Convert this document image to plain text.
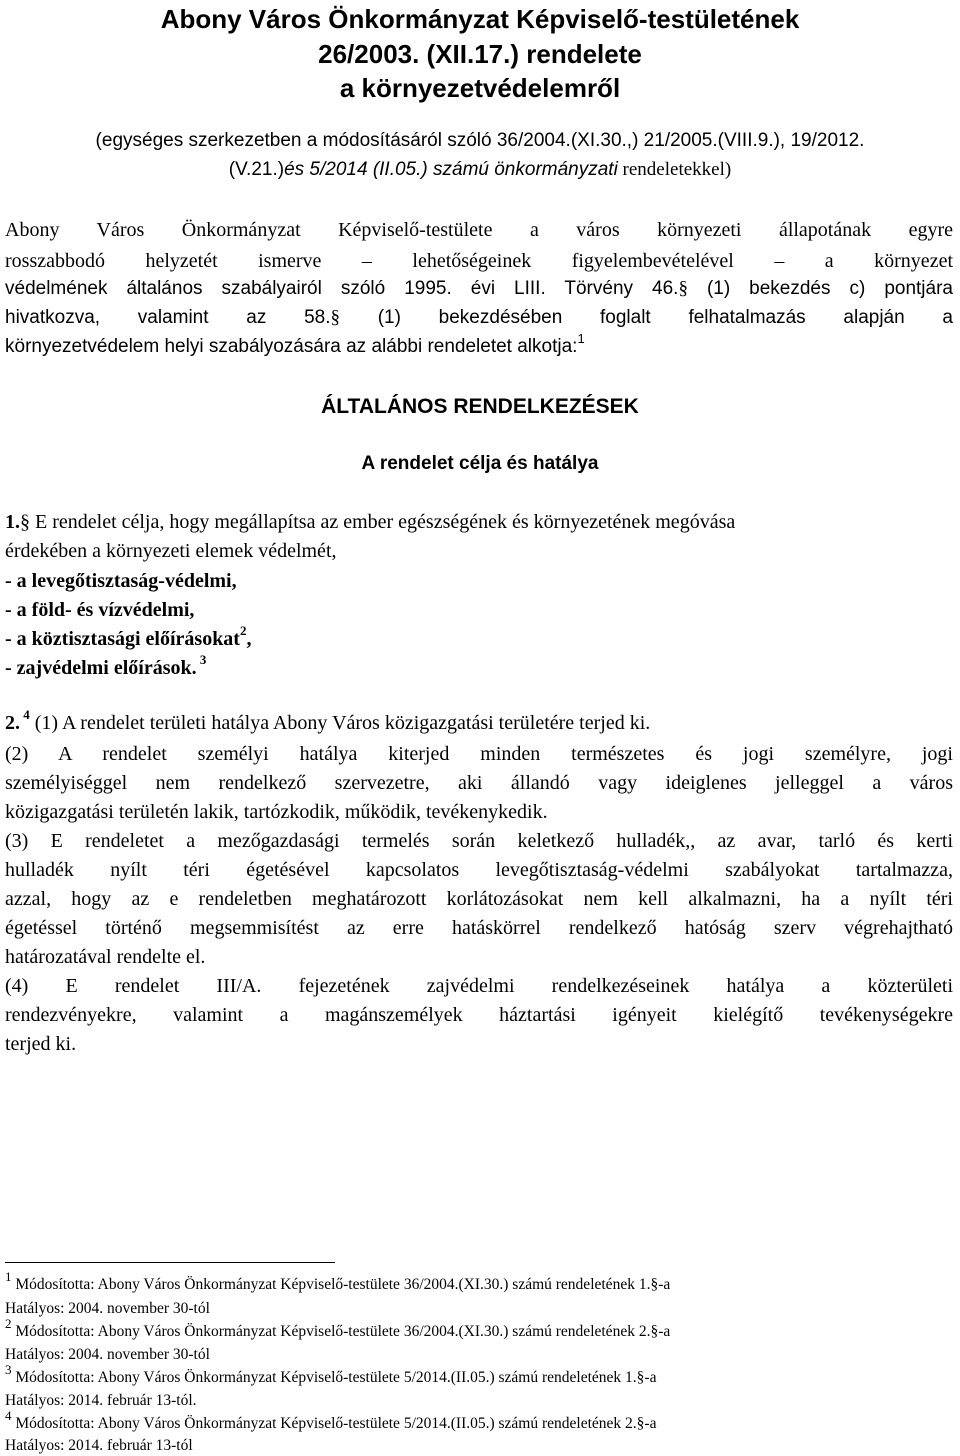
Abony Város Önkormányzat Képviselő-testületének
26/2003. (XII.17.) rendelete
a környezetvédelemről
(egységes szerkezetben a módosításáról szóló 36/2004.(XI.30.,) 21/2005.(VIII.9.), 19/2012.
(V.21.)és 5/2014 (II.05.) számú önkormányzati rendeletekkel)
Abony Város Önkormányzat Képviselő-testülete a város környezeti állapotának egyre
rosszabbodó helyzetét ismerve – lehetőségeinek figyelembevételével – a környezet
védelmének általános szabályairól szóló 1995. évi LIII. Törvény 46.§ (1) bekezdés c) pontjára
hivatkozva, valamint az 58.§ (1) bekezdésében foglalt felhatalmazás alapján a
környezetvédelem helyi szabályozására az alábbi rendeletet alkotja:$^1$
ÁLTALÁNOS RENDELKEZÉSEK
A rendelet célja és hatálya
1.§ E rendelet célja, hogy megállapítsa az ember egészségének és környezetének megóvása
érdekében a környezeti elemek védelmét,
- a levegőtisztaság-védelmi,
- a föld- és vízvédelmi,
- a köztisztasági előírásokat$^2$,
- zajvédelmi előírások. $^3$
2. $^4$ (1) A rendelet területi hatálya Abony Város közigazgatási területére terjed ki.
(2) A rendelet személyi hatálya kiterjed minden természetes és jogi személyre, jogi
személyiséggel nem rendelkező szervezetre, aki állandó vagy ideiglenes jelleggel a város
közigazgatási területén lakik, tartózkodik, működik, tevékenykedik.
(3) E rendeletet a mezőgazdasági termelés során keletkező hulladék,, az avar, tarló és kerti
hulladék nyílt téri égetésével kapcsolatos levegőtisztaság-védelmi szabályokat tartalmazza,
azzal, hogy az e rendeletben meghatározott korlátozásokat nem kell alkalmazni, ha a nyílt téri
égetéssel történő megsemmisítést az erre hatáskörrel rendelkező hatóság szerv végrehajtható
határozatával rendelte el.
(4) E rendelet III/A. fejezetének zajvédelmi rendelkezéseinek hatálya a közterületi
rendezvényekre, valamint a magánszemélyek háztartási igényeit kielégítő tevékenységekre
terjed ki.
$^1$ Módosította: Abony Város Önkormányzat Képviselő-testülete 36/2004.(XI.30.) számú rendeletének 1.§-a
Hatályos: 2004. november 30-tól
$^2$ Módosította: Abony Város Önkormányzat Képviselő-testülete 36/2004.(XI.30.) számú rendeletének 2.§-a
Hatályos: 2004. november 30-tól
$^3$ Módosította: Abony Város Önkormányzat Képviselő-testülete 5/2014.(II.05.) számú rendeletének 1.§-a
Hatályos: 2014. február 13-tól.
$^4$ Módosította: Abony Város Önkormányzat Képviselő-testülete 5/2014.(II.05.) számú rendeletének 2.§-a
Hatályos: 2014. február 13-tól
